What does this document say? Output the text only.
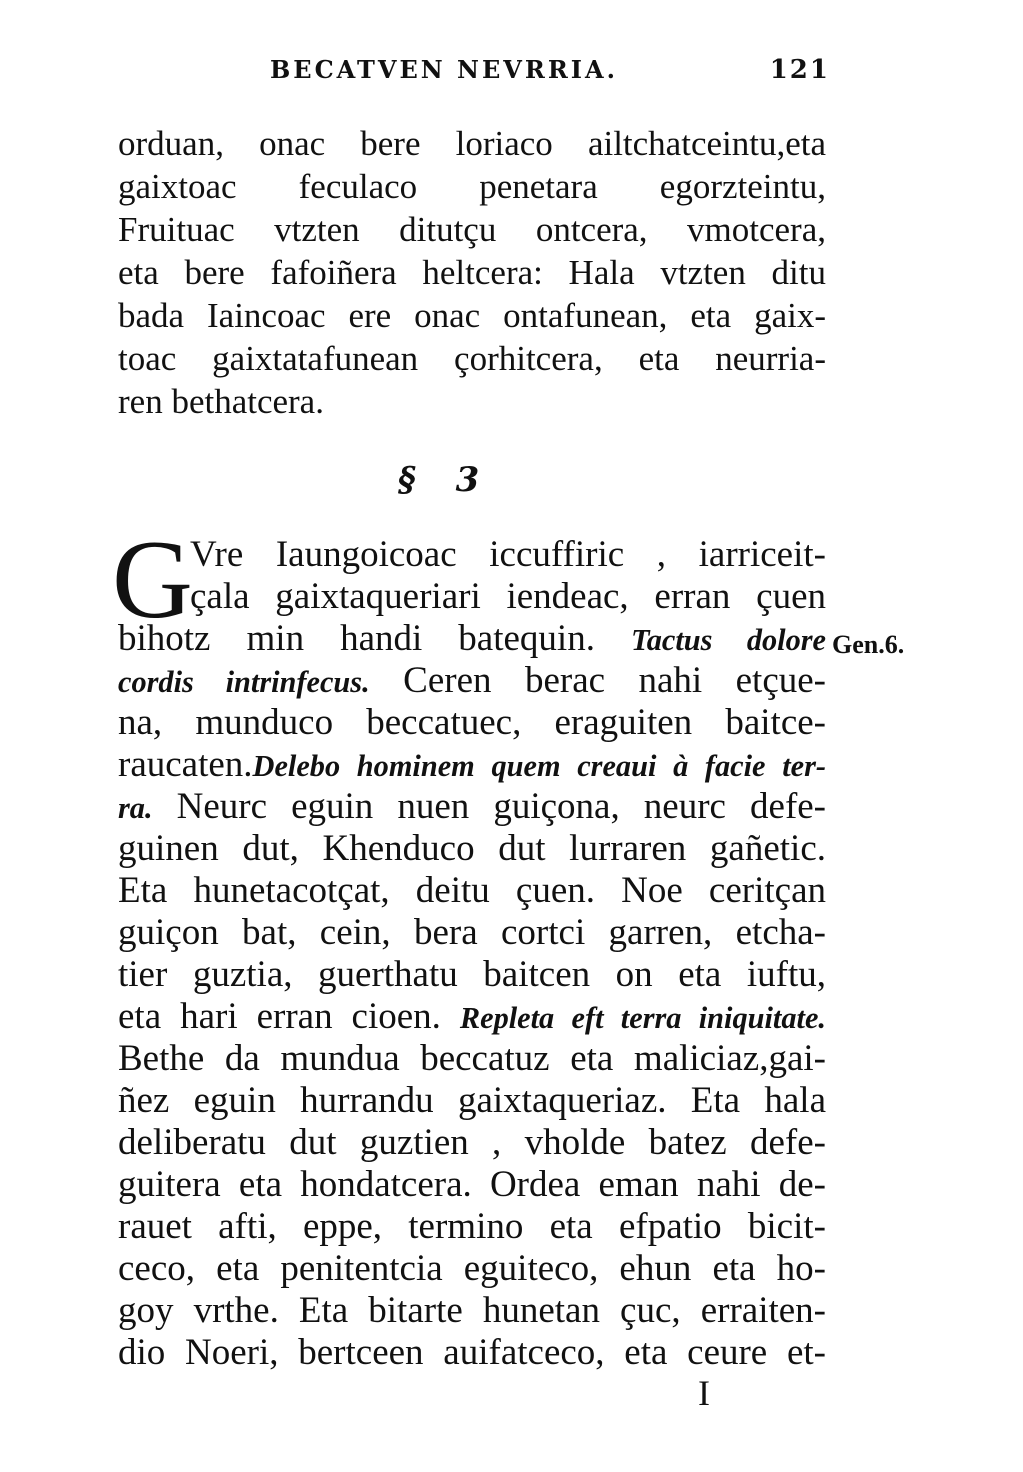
BECATVEN NEVRRIA.	121
orduan, onac bere loriaco ailtchatceintu,eta
gaixtoac feculaco penetara egorzteintu,
Fruituac vtzten ditutçu ontcera, vmotcera,
eta bere fafoiñera heltcera: Hala vtzten ditu
bada Iaincoac ere onac ontafunean, eta gaix-
toac gaixtatafunean çorhitcera, eta neurria-
ren bethatcera.
§ 3
G
Gen.6.
Vre Iaungoicoac iccuffiric , iarriceit-
çala gaixtaqueriari iendeac, erran çuen
bihotz min handi batequin. Tactus dolore
cordis intrinfecus. Ceren berac nahi etçue-
na, munduco beccatuec, eraguiten baitce-
raucaten.Delebo hominem quem creaui à facie ter-
ra. Neurc eguin nuen guiçona, neurc defe-
guinen dut, Khenduco dut lurraren gañetic.
Eta hunetacotçat, deitu çuen. Noe ceritçan
guiçon bat, cein, bera cortci garren, etcha-
tier guztia, guerthatu baitcen on eta iuftu,
eta hari erran cioen. Repleta eft terra iniquitate.
Bethe da mundua beccatuz eta maliciaz,gai-
ñez eguin hurrandu gaixtaqueriaz. Eta hala
deliberatu dut guztien , vholde batez defe-
guitera eta hondatcera. Ordea eman nahi de-
rauet afti, eppe, termino eta efpatio bicit-
ceco, eta penitentcia eguiteco, ehun eta ho-
goy vrthe. Eta bitarte hunetan çuc, erraiten-
dio Noeri, bertceen auifatceco, eta ceure et-
I
